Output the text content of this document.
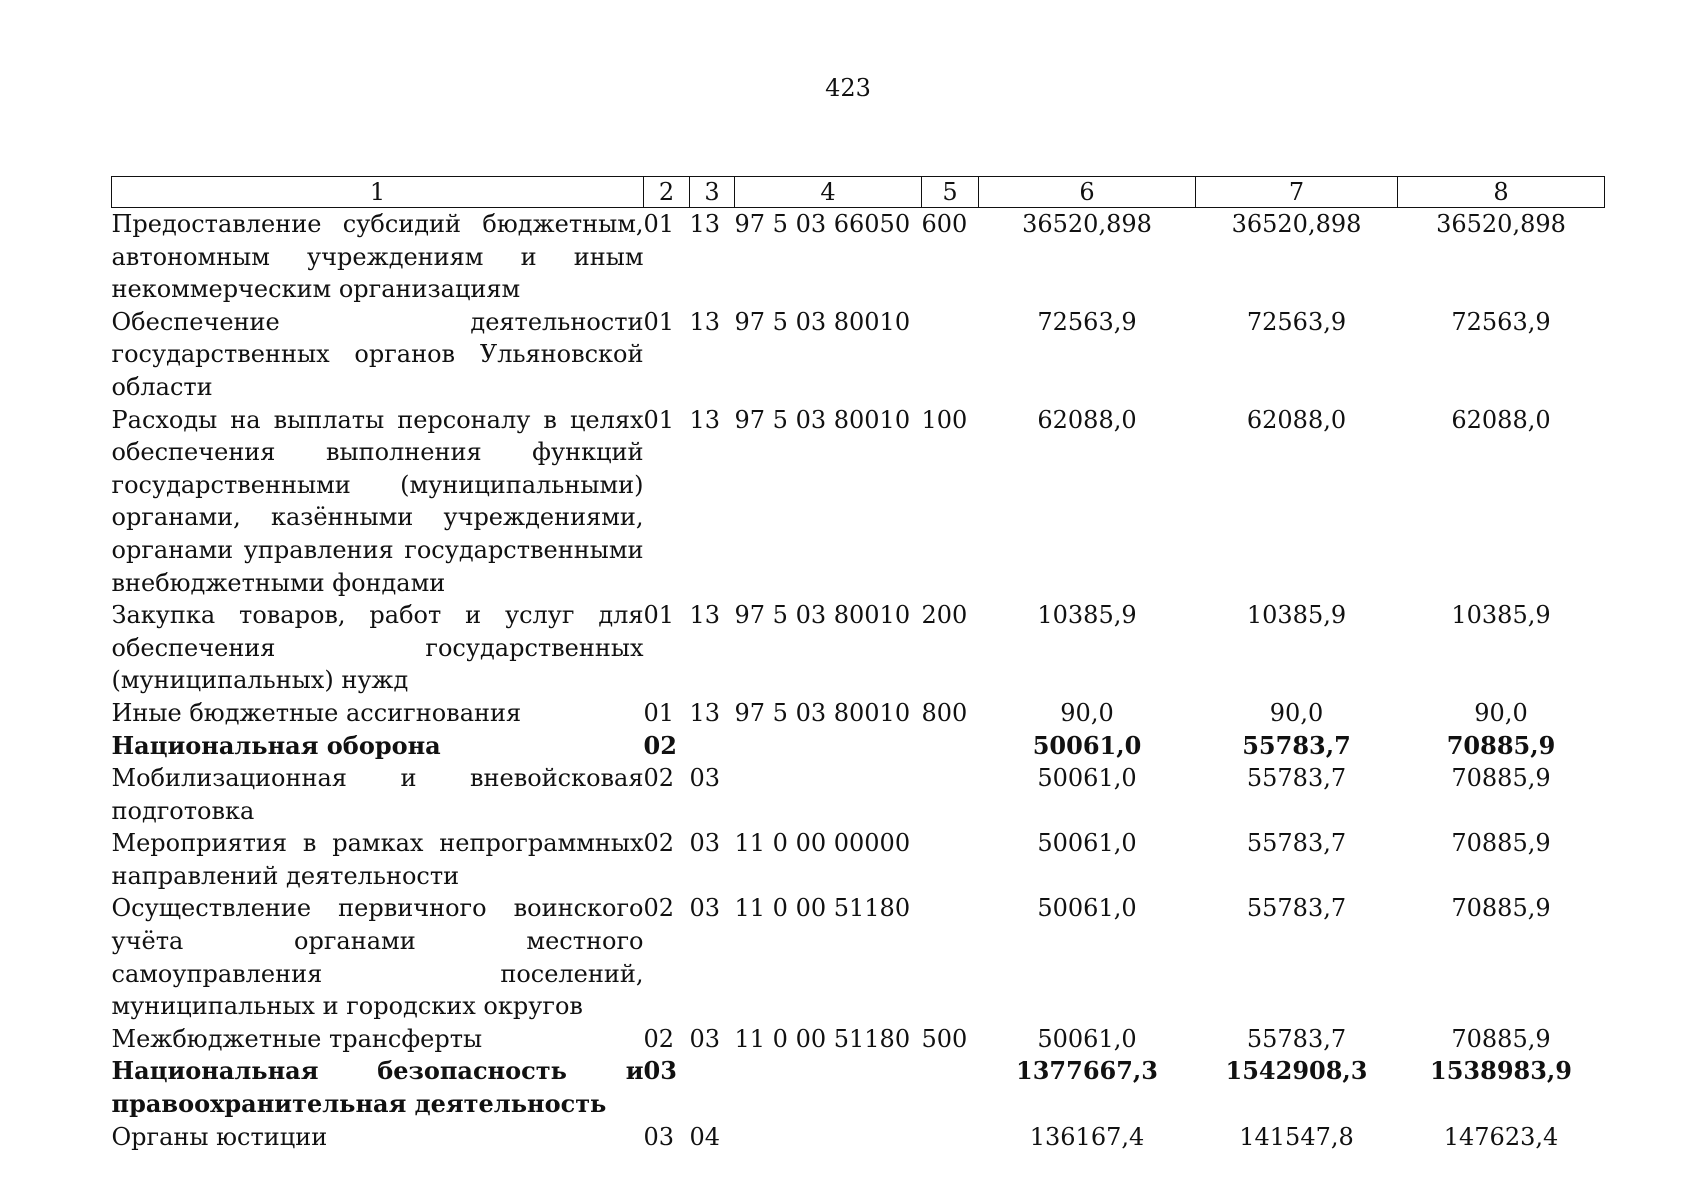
423
1	2	3	4	5	6	7	8
Предоставление субсидий бюджетным, автономным учреждениям и иным некоммерческим организациям	01	13	97 5 03 66050	600	36520,898	36520,898	36520,898
Обеспечение деятельности государственных органов Ульяновской области	01	13	97 5 03 80010		72563,9	72563,9	72563,9
Расходы на выплаты персоналу в целях обеспечения выполнения функций государственными (муниципальными) органами, казёнными учреждениями, органами управления государственными внебюджетными фондами	01	13	97 5 03 80010	100	62088,0	62088,0	62088,0
Закупка товаров, работ и услуг для обеспечения государственных (муниципальных) нужд	01	13	97 5 03 80010	200	10385,9	10385,9	10385,9
Иные бюджетные ассигнования	01	13	97 5 03 80010	800	90,0	90,0	90,0
Национальная оборона	02				50061,0	55783,7	70885,9
Мобилизационная и вневойсковая подготовка	02	03			50061,0	55783,7	70885,9
Мероприятия в рамках непрограммных направлений деятельности	02	03	11 0 00 00000		50061,0	55783,7	70885,9
Осуществление первичного воинского учёта органами местного самоуправления поселений, муниципальных и городских округов	02	03	11 0 00 51180		50061,0	55783,7	70885,9
Межбюджетные трансферты	02	03	11 0 00 51180	500	50061,0	55783,7	70885,9
Национальная безопасность и правоохранительная деятельность	03				1377667,3	1542908,3	1538983,9
Органы юстиции	03	04			136167,4	141547,8	147623,4
